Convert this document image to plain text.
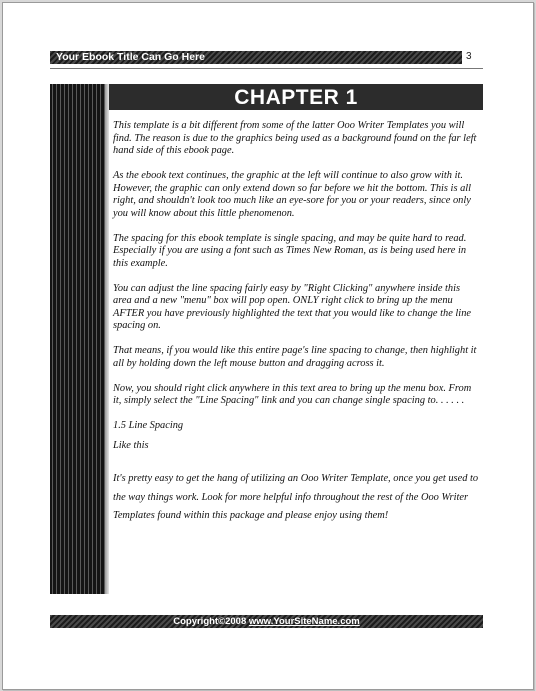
Your Ebook Title Can Go Here	3
CHAPTER 1

This template is a bit different from some of the latter Ooo Writer Templates you will find. The reason is due to the graphics being used as a background found on the far left hand side of this ebook page.

As the ebook text continues, the graphic at the left will continue to also grow with it. However, the graphic can only extend down so far before we hit the bottom. This is all right, and shouldn't look too much like an eye-sore for you or your readers, since only you will know about this little phenomenon.

The spacing for this ebook template is single spacing, and may be quite hard to read. Especially if you are using a font such as Times New Roman, as is being used here in this example.

You can adjust the line spacing fairly easy by "Right Clicking" anywhere inside this area and a new "menu" box will pop open. ONLY right click to bring up the menu AFTER you have previously highlighted the text that you would like to change the line spacing on.

That means, if you would like this entire page's line spacing to change, then highlight it all by holding down the left mouse button and dragging across it.

Now, you should right click anywhere in this text area to bring up the menu box. From it, simply select the "Line Spacing" link and you can change single spacing to. . . . . .

1.5 Line Spacing

Like this

It's pretty easy to get the hang of utilizing an Ooo Writer Template, once you get used to the way things work. Look for more helpful info throughout the rest of the Ooo Writer Templates found within this package and please enjoy using them!

Copyright©2008 www.YourSiteName.com
